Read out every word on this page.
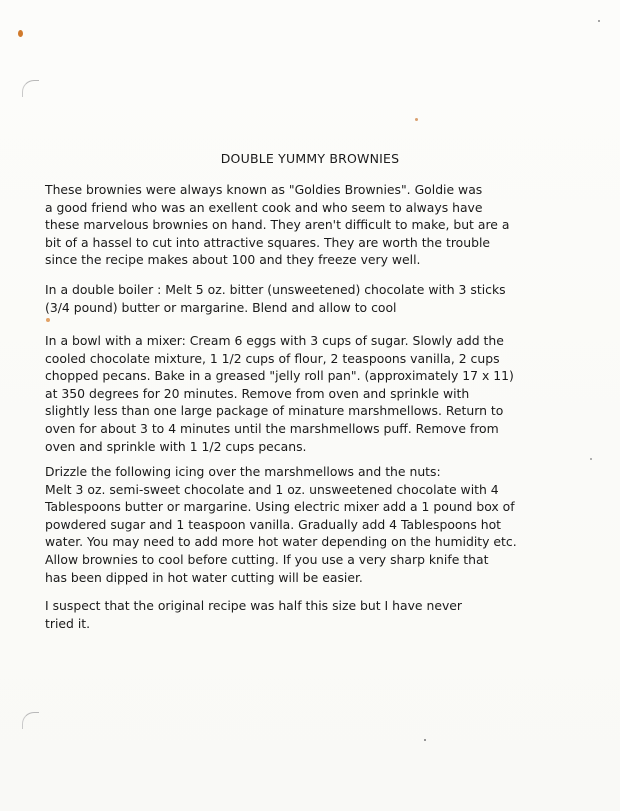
DOUBLE YUMMY BROWNIES
These brownies were always known as "Goldies Brownies". Goldie was
a good friend who was an exellent cook and who seem to always have
these marvelous brownies on hand. They aren't difficult to make, but are a
bit of a hassel to cut into attractive squares. They are worth the trouble
since the recipe makes about 100 and they freeze very well.
In a double boiler : Melt 5 oz. bitter (unsweetened) chocolate with 3 sticks
(3/4 pound) butter or margarine. Blend and allow to cool
In a bowl with a mixer: Cream 6 eggs with 3 cups of sugar. Slowly add the
cooled chocolate mixture, 1 1/2 cups of flour, 2 teaspoons vanilla, 2 cups
chopped pecans. Bake in a greased "jelly roll pan". (approximately 17 x 11)
at 350 degrees for 20 minutes. Remove from oven and sprinkle with
slightly less than one large package of minature marshmellows. Return to
oven for about 3 to 4 minutes until the marshmellows puff. Remove from
oven and sprinkle with 1 1/2 cups pecans.
Drizzle the following icing over the marshmellows and the nuts:
Melt 3 oz. semi-sweet chocolate and 1 oz. unsweetened chocolate with 4
Tablespoons butter or margarine. Using electric mixer add a 1 pound box of
powdered sugar and 1 teaspoon vanilla. Gradually add 4 Tablespoons hot
water. You may need to add more hot water depending on the humidity etc.
Allow brownies to cool before cutting. If you use a very sharp knife that
has been dipped in hot water cutting will be easier.
I suspect that the original recipe was half this size but I have never
tried it.
